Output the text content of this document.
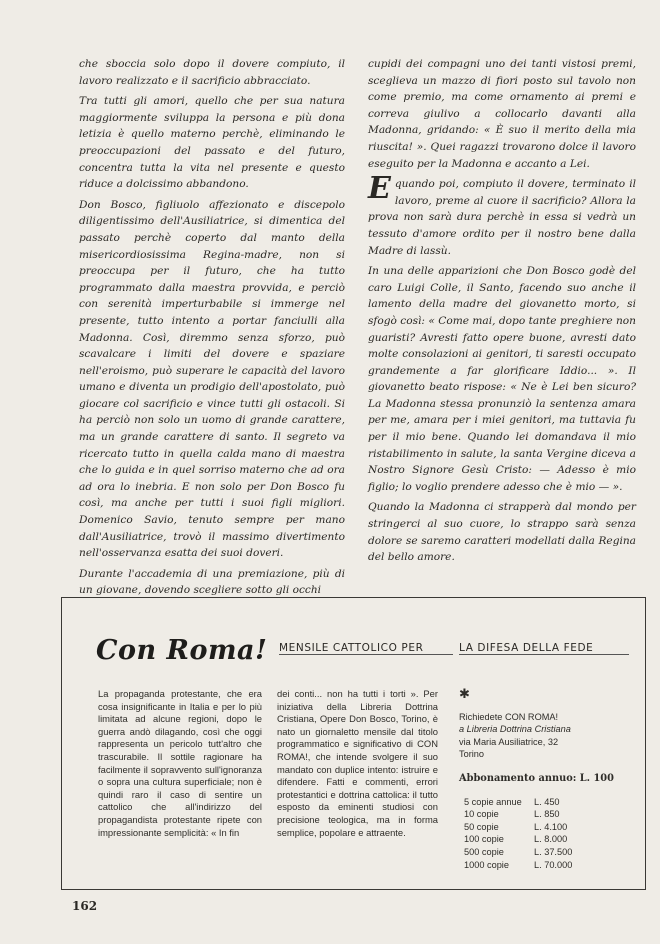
che sboccia solo dopo il dovere compiuto, il lavoro realizzato e il sacrificio abbracciato.

Tra tutti gli amori, quello che per sua natura maggiormente sviluppa la persona e più dona letizia è quello materno perchè, eliminando le preoccupazioni del passato e del futuro, concentra tutta la vita nel presente e questo riduce a dolcissimo abbandono.

Don Bosco, figliuolo affezionato e discepolo diligentissimo dell'Ausiliatrice, si dimentica del passato perchè coperto dal manto della misericordiosissima Regina-madre, non si preoccupa per il futuro, che ha tutto programmato dalla maestra provvida, e perciò con serenità imperturbabile si immerge nel presente, tutto intento a portar fanciulli alla Madonna. Così, diremmo senza sforzo, può scavalcare i limiti del dovere e spaziare nell'eroismo, può superare le capacità del lavoro umano e diventa un prodigio dell'apostolato, può giocare col sacrificio e vince tutti gli ostacoli. Si ha perciò non solo un uomo di grande carattere, ma un grande carattere di santo. Il segreto va ricercato tutto in quella calda mano di maestra che lo guida e in quel sorriso materno che ad ora ad ora lo inebria. E non solo per Don Bosco fu così, ma anche per tutti i suoi figli migliori. Domenico Savio, tenuto sempre per mano dall'Ausiliatrice, trovò il massimo divertimento nell'osservanza esatta dei suoi doveri.

Durante l'accademia di una premiazione, più di un giovane, dovendo scegliere sotto gli occhi

cupidi dei compagni uno dei tanti vistosi premi, sceglieva un mazzo di fiori posto sul tavolo non come premio, ma come ornamento ai premi e correva giulivo a collocarlo davanti alla Madonna, gridando: « È suo il merito della mia riuscita! ». Quei ragazzi trovarono dolce il lavoro eseguito per la Madonna e accanto a Lei.

E quando poi, compiuto il dovere, terminato il lavoro, preme al cuore il sacrificio? Allora la prova non sarà dura perchè in essa si vedrà un tessuto d'amore ordito per il nostro bene dalla Madre di lassù.

In una delle apparizioni che Don Bosco godè del caro Luigi Colle, il Santo, facendo suo anche il lamento della madre del giovanetto morto, si sfogò così: « Come mai, dopo tante preghiere non guaristi? Avresti fatto opere buone, avresti dato molte consolazioni ai genitori, ti saresti occupato grandemente a far glorificare Iddio... ». Il giovanetto beato rispose: « Ne è Lei ben sicuro? La Madonna stessa pronunziò la sentenza amara per me, amara per i miei genitori, ma tuttavia fu per il mio bene. Quando lei domandava il mio ristabilimento in salute, la santa Vergine diceva a Nostro Signore Gesù Cristo: — Adesso è mio figlio; lo voglio prendere adesso che è mio — ».

Quando la Madonna ci strapperà dal mondo per stringerci al suo cuore, lo strappo sarà senza dolore se saremo caratteri modellati dalla Regina del bello amore.

Con Roma! MENSILE CATTOLICO PER	LA DIFESA DELLA FEDE

La propaganda protestante, che era cosa insignificante in Italia e per lo più limitata ad alcune regioni, dopo le guerra andò dilagando, così che oggi rappresenta un pericolo tutt'altro che trascurabile. Il sottile ragionare ha facilmente il sopravvento sull'ignoranza o sopra una cultura superficiale; non è quindi raro il caso di sentire un cattolico che all'indirizzo del propagandista protestante ripete con impressionante semplicità: « In fin

dei conti... non ha tutti i torti ». Per iniziativa della Libreria Dottrina Cristiana, Opere Don Bosco, Torino, è nato un giornaletto mensile dal titolo programmatico e significativo di CON ROMA!, che intende svolgere il suo mandato con duplice intento: istruire e difendere. Fatti e commenti, errori protestantici e dottrina cattolica: il tutto esposto da eminenti studiosi con precisione teologica, ma in forma semplice, popolare e attraente.

✱
Richiedete CON ROMA!
a Libreria Dottrina Cristiana
via Maria Ausiliatrice, 32
Torino
Abbonamento annuo: L. 100
5 copie annue	L. 450
10 copie	L. 850
50 copie	L. 4.100
100 copie	L. 8.000
500 copie	L. 37.500
1000 copie	L. 70.000
162
